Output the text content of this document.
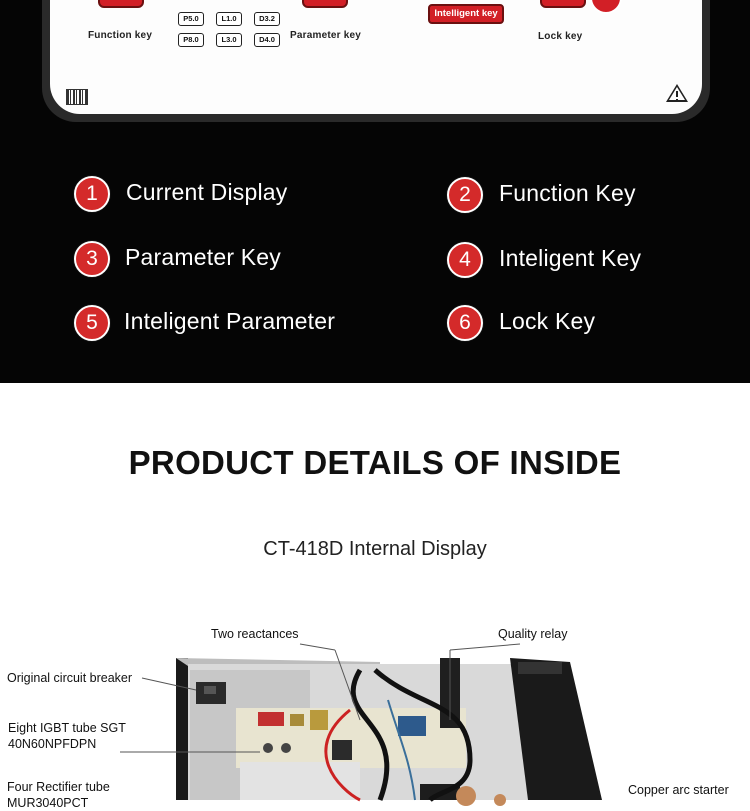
Function key
P5.0	L1.0	D3.2
P8.0	L3.0	D4.0	Parameter key
Intelligent key
Lock key
1	Current Display	2	Function Key
3	Parameter Key	4	Inteligent Key
5	Inteligent Parameter	6	Lock Key
PRODUCT DETAILS OF INSIDE
CT-418D Internal Display
Two reactances	Quality relay
Original circuit breaker
Eight IGBT tube SGT
40N60NPFDPN
Four Rectifier tube
MUR3040PCT
Copper arc starter
